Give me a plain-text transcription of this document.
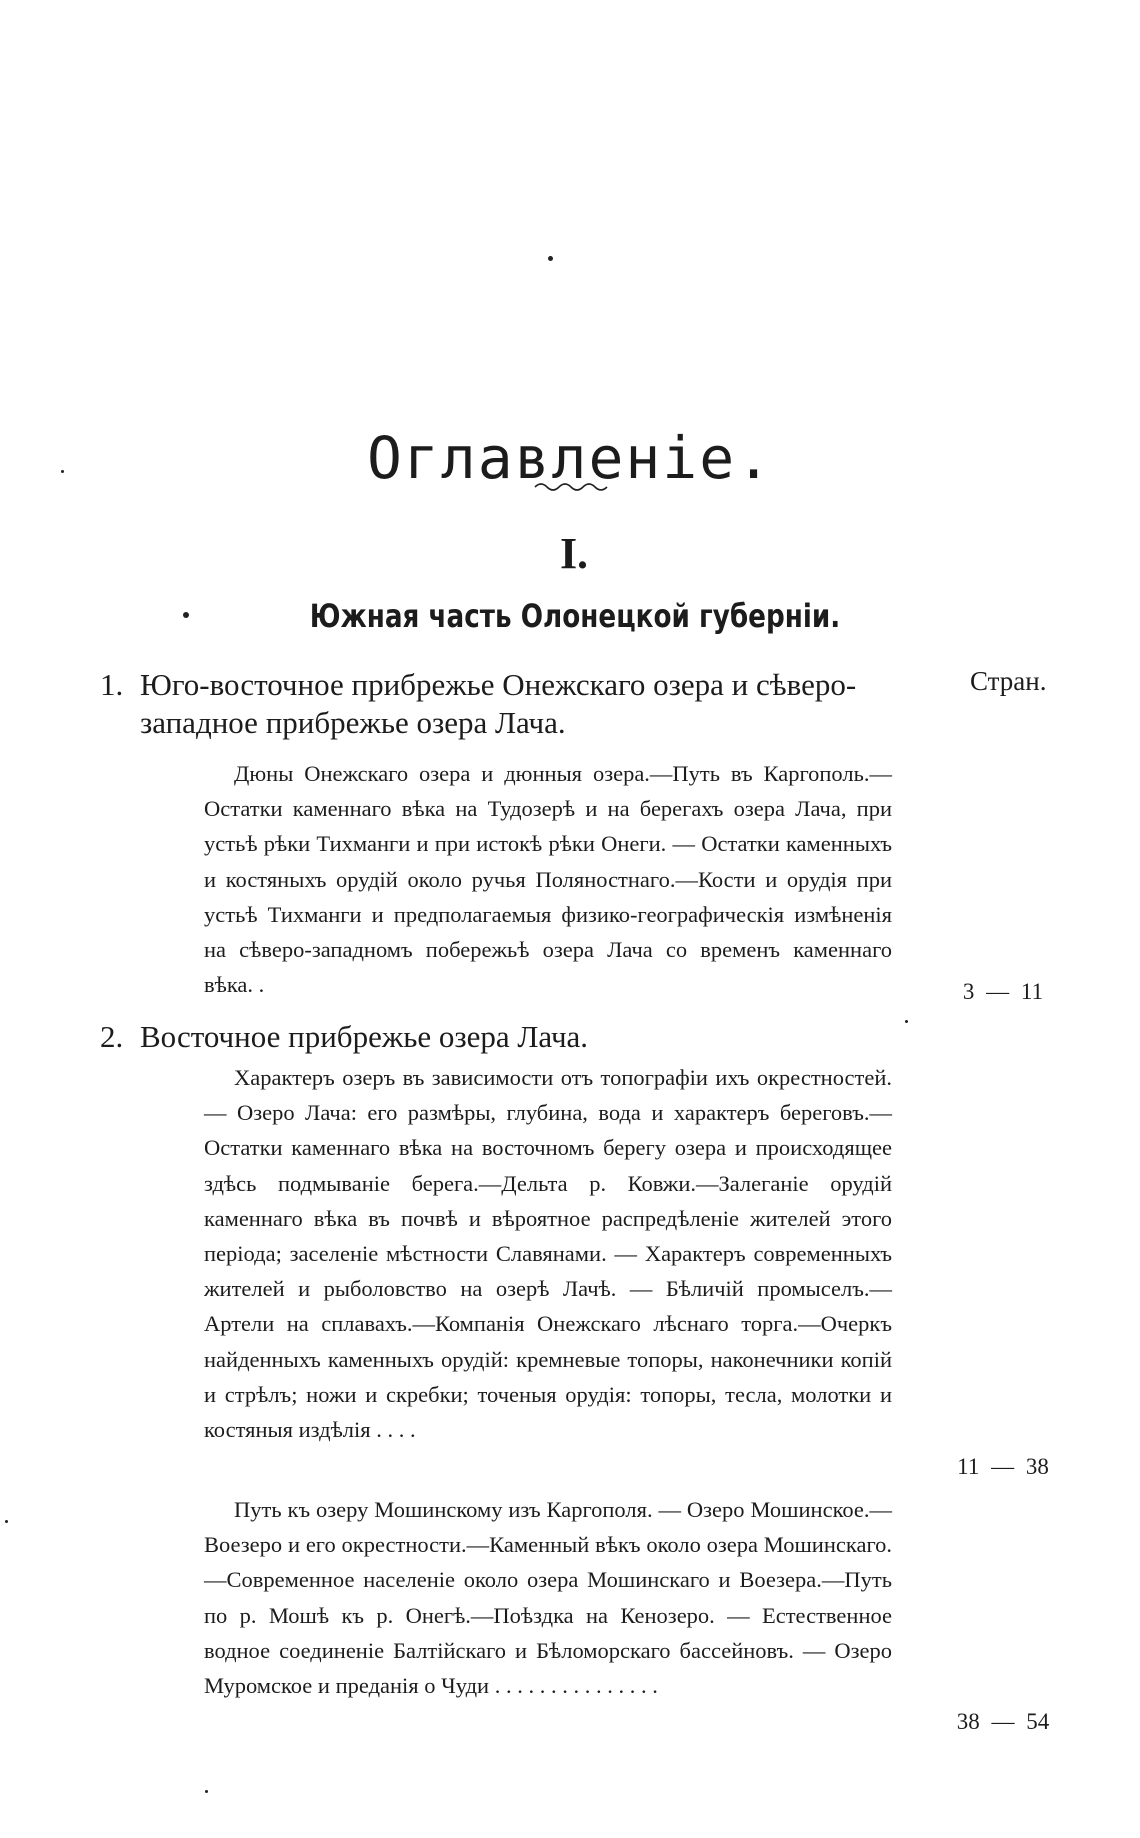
Оглавленіе.
I.
Южная часть Олонецкой губерніи.
Стран.
1. Юго-восточное прибрежье Онежскаго озера и сѣверо-западное прибрежье озера Лача.
Дюны Онежскаго озера и дюнныя озера.—Путь въ Каргополь.—Остатки каменнаго вѣка на Тудозерѣ и на берегахъ озера Лача, при устьѣ рѣки Тихманги и при истокѣ рѣки Онеги. — Остатки каменныхъ и костяныхъ орудій около ручья Поляностнаго.—Кости и орудія при устьѣ Тихманги и предполагаемыя физико-географическія измѣненія на сѣверо-западномъ побережьѣ озера Лача со временъ каменнаго вѣка. .	3 — 11
2. Восточное прибрежье озера Лача.
Характеръ озеръ въ зависимости отъ топографіи ихъ окрестностей. — Озеро Лача: его размѣры, глубина, вода и характеръ береговъ.—Остатки каменнаго вѣка на восточномъ берегу озера и происходящее здѣсь подмываніе берега.—Дельта р. Ковжи.—Залеганіе орудій каменнаго вѣка въ почвѣ и вѣроятное распредѣленіе жителей этого періода; заселеніе мѣстности Славянами. — Характеръ современныхъ жителей и рыболовство на озерѣ Лачѣ. — Бѣличій промыселъ.—Артели на сплавахъ.—Компанія Онежскаго лѣснаго торга.—Очеркъ найденныхъ каменныхъ орудій: кремневые топоры, наконечники копій и стрѣлъ; ножи и скребки; точеныя орудія: топоры, тесла, молотки и костяныя издѣлія . . . .
11 — 38
Путь къ озеру Мошинскому изъ Каргополя. — Озеро Мошинское.—Воезеро и его окрестности.—Каменный вѣкъ около озера Мошинскаго.—Современное населеніе около озера Мошинскаго и Воезера.—Путь по р. Мошѣ къ р. Онегѣ.—Поѣздка на Кенозеро. — Естественное водное соединеніе Балтійскаго и Бѣломорскаго бассейновъ. — Озеро Муромское и преданія о Чуди . . . . . . . . . . . . . . .
38 — 54
